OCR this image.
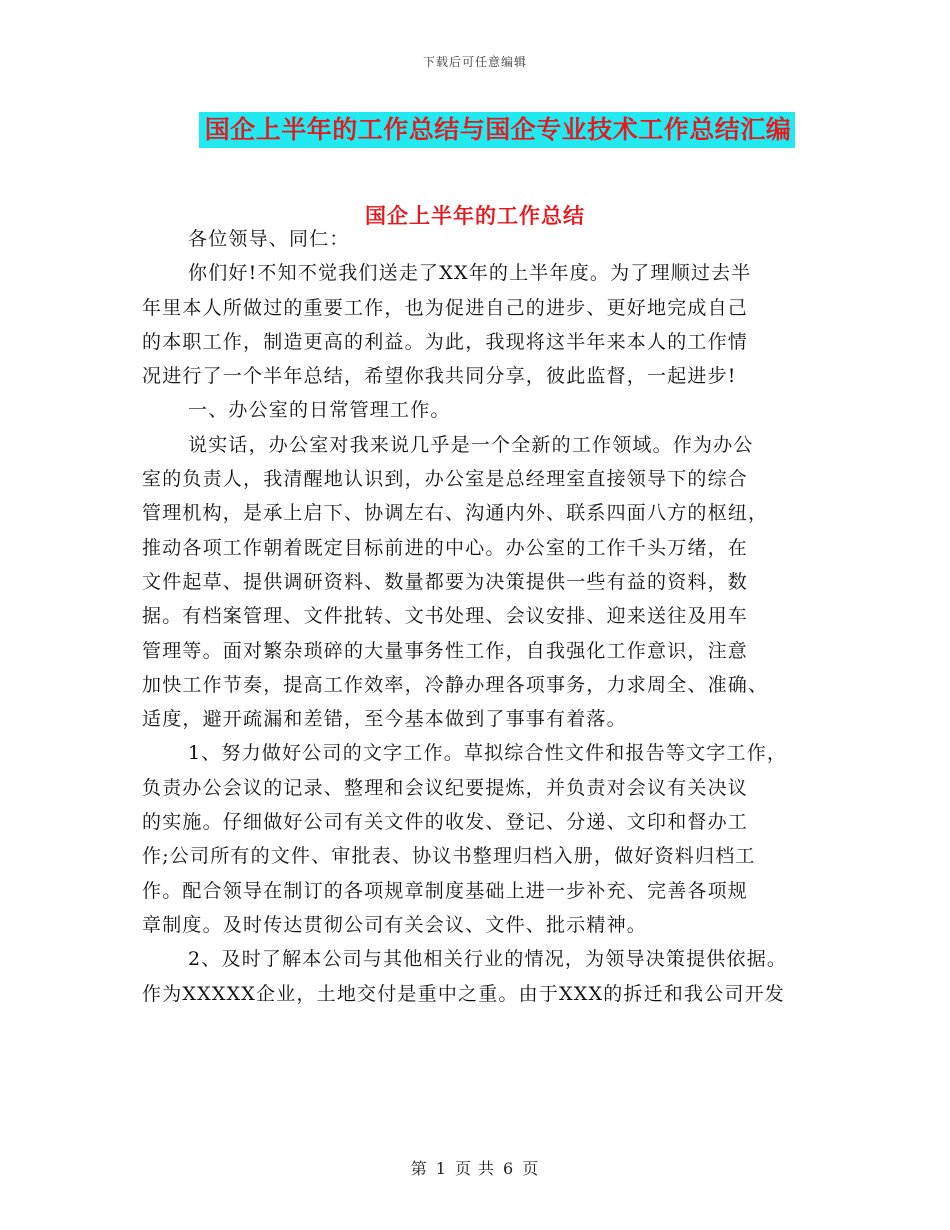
下载后可任意编辑
国企上半年的工作总结与国企专业技术工作总结汇编
国企上半年的工作总结
各位领导、同仁：
你们好!不知不觉我们送走了XX年的上半年度。为了理顺过去半
年里本人所做过的重要工作，也为促进自己的进步、更好地完成自己
的本职工作，制造更高的利益。为此，我现将这半年来本人的工作情
况进行了一个半年总结，希望你我共同分享，彼此监督，一起进步!
一、办公室的日常管理工作。
说实话，办公室对我来说几乎是一个全新的工作领域。作为办公
室的负责人，我清醒地认识到，办公室是总经理室直接领导下的综合
管理机构，是承上启下、协调左右、沟通内外、联系四面八方的枢纽，
推动各项工作朝着既定目标前进的中心。办公室的工作千头万绪，在
文件起草、提供调研资料、数量都要为决策提供一些有益的资料，数
据。有档案管理、文件批转、文书处理、会议安排、迎来送往及用车
管理等。面对繁杂琐碎的大量事务性工作，自我强化工作意识，注意
加快工作节奏，提高工作效率，冷静办理各项事务，力求周全、准确、
适度，避开疏漏和差错，至今基本做到了事事有着落。
1、努力做好公司的文字工作。草拟综合性文件和报告等文字工作，
负责办公会议的记录、整理和会议纪要提炼，并负责对会议有关决议
的实施。仔细做好公司有关文件的收发、登记、分递、文印和督办工
作;公司所有的文件、审批表、协议书整理归档入册，做好资料归档工
作。配合领导在制订的各项规章制度基础上进一步补充、完善各项规
章制度。及时传达贯彻公司有关会议、文件、批示精神。
2、及时了解本公司与其他相关行业的情况，为领导决策提供依据。
作为XXXXX企业，土地交付是重中之重。由于XXX的拆迁和我公司开发
第 1 页 共 6 页
